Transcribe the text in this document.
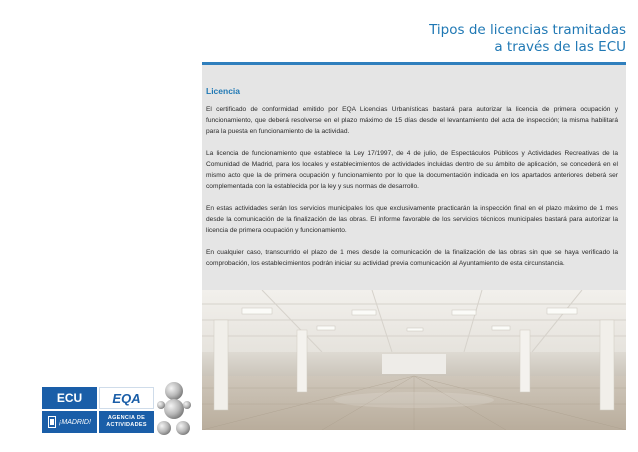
Tipos de licencias tramitadas
a través de las ECU
Licencia

El certificado de conformidad emitido por EQA Licencias Urbanísticas bastará para autorizar la licencia de primera ocupación y funcionamiento, que deberá resolverse en el plazo máximo de 15 días desde el levantamiento del acta de inspección; la misma habilitará para la puesta en funcionamiento de la actividad.

La licencia de funcionamiento que establece la Ley 17/1997, de 4 de julio, de Espectáculos Públicos y Actividades Recreativas de la Comunidad de Madrid, para los locales y establecimientos de actividades incluidas dentro de su ámbito de aplicación, se concederá en el mismo acto que la de primera ocupación y funcionamiento por lo que la documentación indicada en los apartados anteriores deberá ser complementada con la establecida por la ley y sus normas de desarrollo.

En estas actividades serán los servicios municipales los que exclusivamente practicarán la inspección final en el plazo máximo de 1 mes desde la comunicación de la finalización de las obras. El informe favorable de los servicios técnicos municipales bastará para autorizar la licencia de primera ocupación y funcionamiento.

En cualquier caso, transcurrido el plazo de 1 mes desde la comunicación de la finalización de las obras sin que se haya verificado la comprobación, los establecimientos podrán iniciar su actividad previa comunicación al Ayuntamiento de esta circunstancia.

ECU EQA
¡MADRID!
AGENCIA DE
ACTIVIDADES
